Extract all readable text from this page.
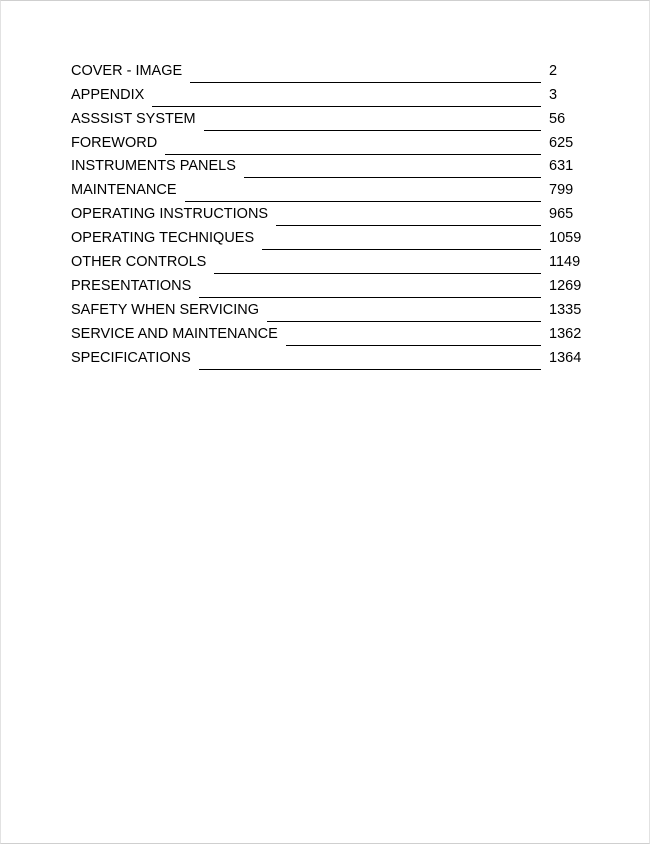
COVER - IMAGE	2
APPENDIX	3
ASSSIST SYSTEM	56
FOREWORD	625
INSTRUMENTS PANELS	631
MAINTENANCE	799
OPERATING INSTRUCTIONS	965
OPERATING TECHNIQUES	1059
OTHER CONTROLS	1149
PRESENTATIONS	1269
SAFETY WHEN SERVICING	1335
SERVICE AND MAINTENANCE	1362
SPECIFICATIONS	1364
